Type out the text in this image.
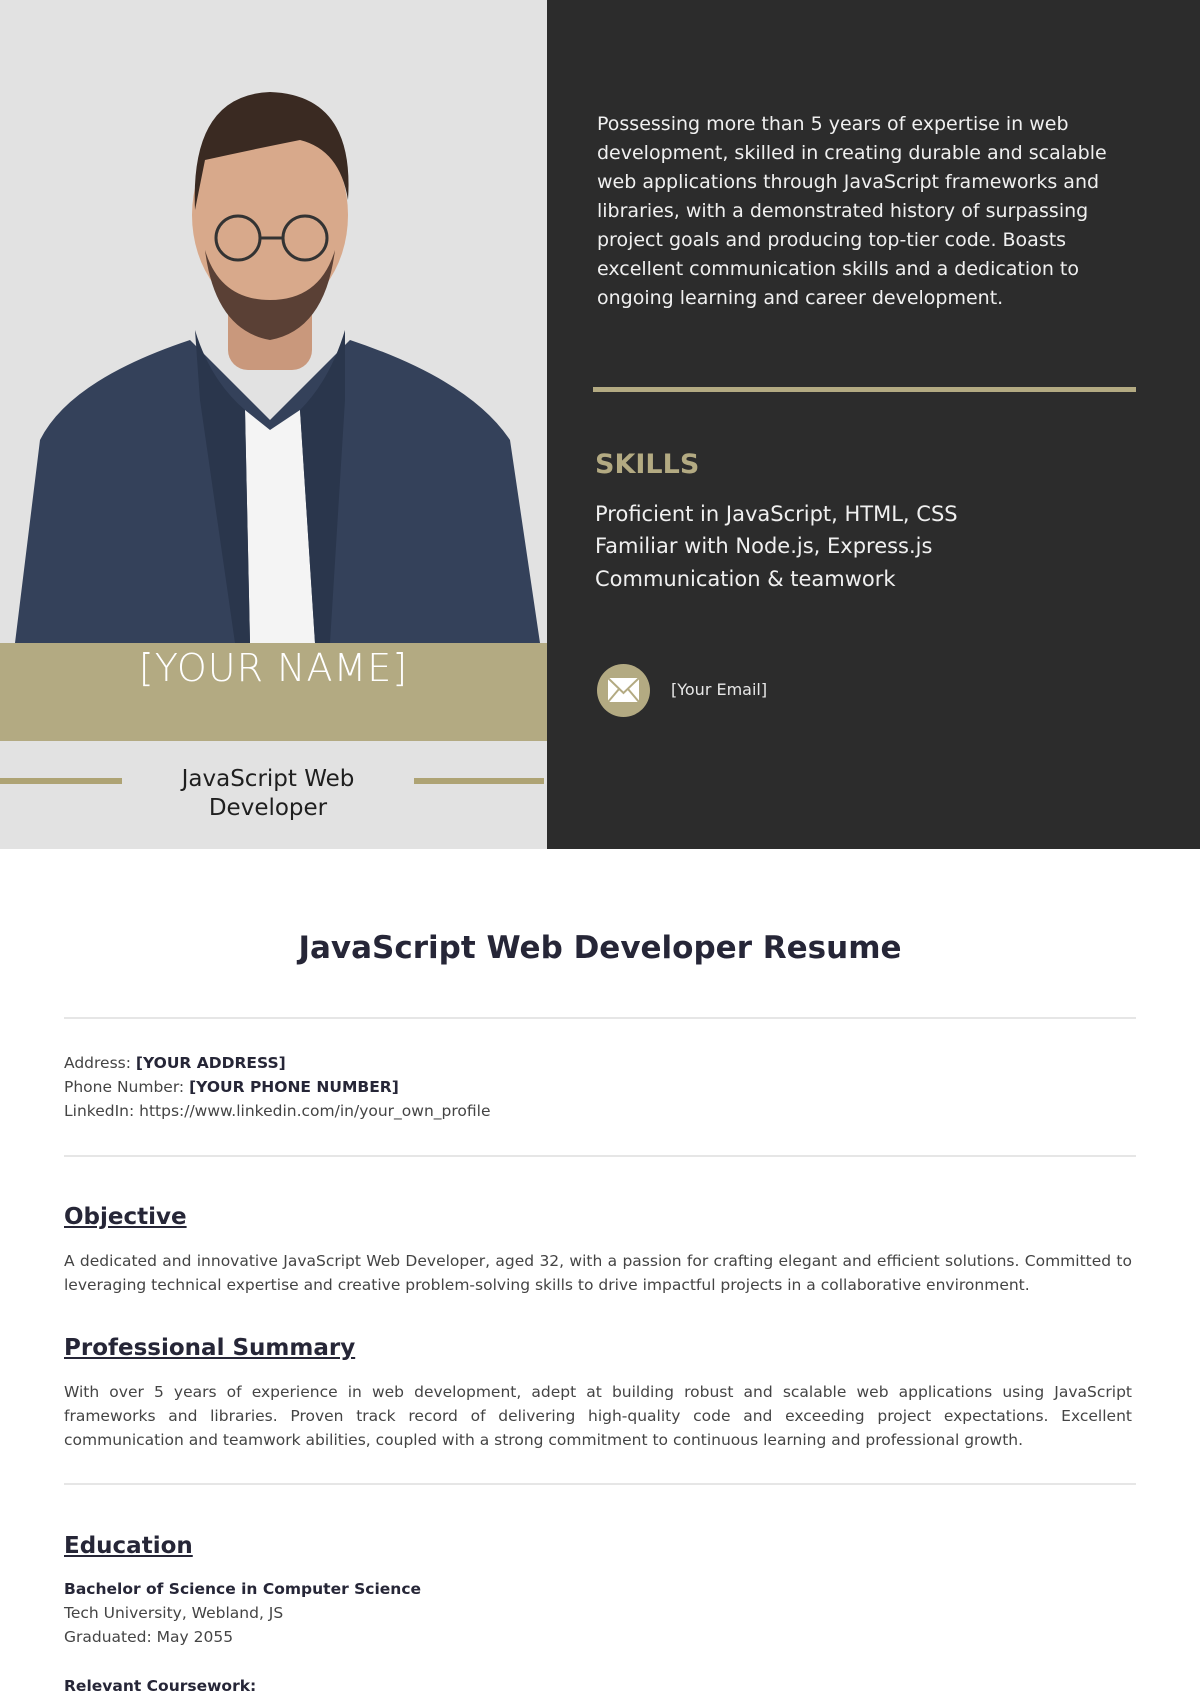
[YOUR NAME]
JavaScript Web Developer
Possessing more than 5 years of expertise in web development, skilled in creating durable and scalable web applications through JavaScript frameworks and libraries, with a demonstrated history of surpassing project goals and producing top-tier code. Boasts excellent communication skills and a dedication to ongoing learning and career development.
SKILLS
Proficient in JavaScript, HTML, CSS
Familiar with Node.js, Express.js
Communication & teamwork
[Your Email]
JavaScript Web Developer Resume
Address: [YOUR ADDRESS]
Phone Number: [YOUR PHONE NUMBER]
LinkedIn: https://www.linkedin.com/in/your_own_profile
Objective
A dedicated and innovative JavaScript Web Developer, aged 32, with a passion for crafting elegant and efficient solutions. Committed to leveraging technical expertise and creative problem-solving skills to drive impactful projects in a collaborative environment.
Professional Summary
With over 5 years of experience in web development, adept at building robust and scalable web applications using JavaScript frameworks and libraries. Proven track record of delivering high-quality code and exceeding project expectations. Excellent communication and teamwork abilities, coupled with a strong commitment to continuous learning and professional growth.
Education
Bachelor of Science in Computer Science
Tech University, Webland, JS
Graduated: May 2055
Relevant Coursework:
